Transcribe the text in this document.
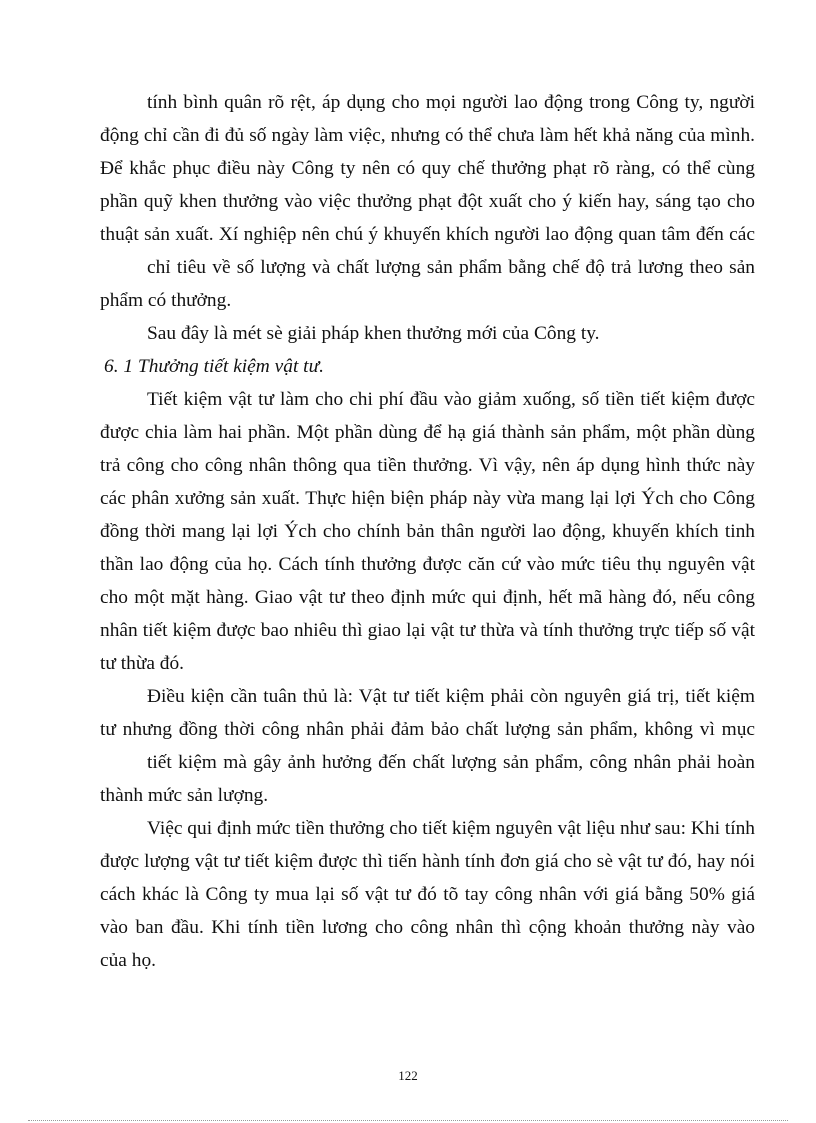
tính bình quân rõ rệt, áp dụng cho mọi người lao động trong Công ty, người

động chỉ cần đi đủ số ngày làm việc, nhưng có thể chưa làm hết khả năng của mình.

Để khắc phục điều này Công ty nên có quy chế thưởng phạt rõ ràng, có thể cùng

phần quỹ khen thưởng vào việc thưởng phạt đột xuất cho ý kiến hay, sáng tạo cho

thuật sản xuất. Xí nghiệp nên chú ý khuyến khích người lao động quan tâm đến các

chỉ tiêu về số lượng và chất lượng sản phẩm bằng chế độ trả lương theo sản

phẩm có thưởng.

Sau đây là mét sè giải pháp khen thưởng mới của Công ty.

6. 1 Thưởng tiết kiệm vật tư.

Tiết kiệm vật tư làm cho chi phí đầu vào giảm xuống, số tiền tiết kiệm được

được chia làm hai phần. Một phần dùng để hạ giá thành sản phẩm, một phần dùng

trả công cho công nhân thông qua tiền thưởng. Vì vậy, nên áp dụng hình thức này

các phân xưởng sản xuất. Thực hiện biện pháp này vừa mang lại lợi Ých cho Công

đồng thời mang lại lợi Ých cho chính bản thân người lao động, khuyến khích tinh

thần lao động của họ. Cách tính thưởng được căn cứ vào mức tiêu thụ nguyên vật

cho một mặt hàng. Giao vật tư theo định mức qui định, hết mã hàng đó, nếu công

nhân tiết kiệm được bao nhiêu thì giao lại vật tư thừa và tính thưởng trực tiếp số vật

tư thừa đó.

Điều kiện cần tuân thủ là: Vật tư tiết kiệm phải còn nguyên giá trị, tiết kiệm

tư nhưng đồng thời công nhân phải đảm bảo chất lượng sản phẩm, không vì mục

tiết kiệm mà gây ảnh hưởng đến chất lượng sản phẩm, công nhân phải hoàn

thành mức sản lượng.

Việc qui định mức tiền thưởng cho tiết kiệm nguyên vật liệu như sau: Khi tính

được lượng vật tư tiết kiệm được thì tiến hành tính đơn giá cho sè vật tư đó, hay nói

cách khác là Công ty mua lại số vật tư đó tõ tay công nhân với giá bằng 50% giá

vào ban đầu. Khi tính tiền lương cho công nhân thì cộng khoản thưởng này vào

của họ.

122
